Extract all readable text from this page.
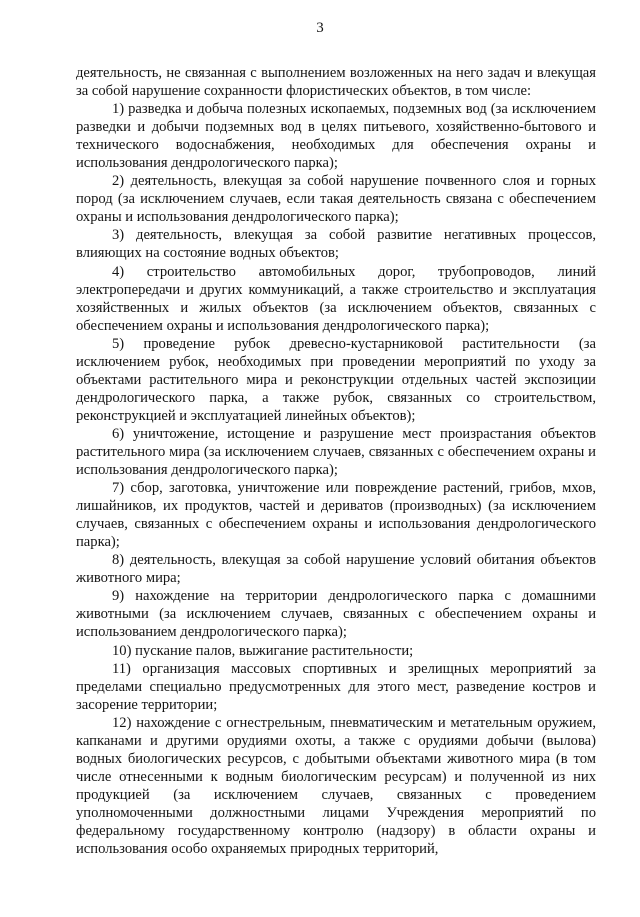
3

деятельность, не связанная с выполнением возложенных на него задач и влекущая за собой нарушение сохранности флористических объектов, в том числе:

1) разведка и добыча полезных ископаемых, подземных вод (за исключением разведки и добычи подземных вод в целях питьевого, хозяйственно-бытового и технического водоснабжения, необходимых для обеспечения охраны и использования дендрологического парка);

2) деятельность, влекущая за собой нарушение почвенного слоя и горных пород (за исключением случаев, если такая деятельность связана с обеспечением охраны и использования дендрологического парка);

3) деятельность, влекущая за собой развитие негативных процессов, влияющих на состояние водных объектов;

4) строительство автомобильных дорог, трубопроводов, линий электропередачи и других коммуникаций, а также строительство и эксплуатация хозяйственных и жилых объектов (за исключением объектов, связанных с обеспечением охраны и использования дендрологического парка);

5) проведение рубок древесно-кустарниковой растительности (за исключением рубок, необходимых при проведении мероприятий по уходу за объектами растительного мира и реконструкции отдельных частей экспозиции дендрологического парка, а также рубок, связанных со строительством, реконструкцией и эксплуатацией линейных объектов);

6) уничтожение, истощение и разрушение мест произрастания объектов растительного мира (за исключением случаев, связанных с обеспечением охраны и использования дендрологического парка);

7) сбор, заготовка, уничтожение или повреждение растений, грибов, мхов, лишайников, их продуктов, частей и дериватов (производных) (за исключением случаев, связанных с обеспечением охраны и использования дендрологического парка);

8) деятельность, влекущая за собой нарушение условий обитания объектов животного мира;

9) нахождение на территории дендрологического парка с домашними животными (за исключением случаев, связанных с обеспечением охраны и использованием дендрологического парка);

10) пускание палов, выжигание растительности;

11) организация массовых спортивных и зрелищных мероприятий за пределами специально предусмотренных для этого мест, разведение костров и засорение территории;

12) нахождение с огнестрельным, пневматическим и метательным оружием, капканами и другими орудиями охоты, а также с орудиями добычи (вылова) водных биологических ресурсов, с добытыми объектами животного мира (в том числе отнесенными к водным биологическим ресурсам) и полученной из них продукцией (за исключением случаев, связанных с проведением уполномоченными должностными лицами Учреждения мероприятий по федеральному государственному контролю (надзору) в области охраны и использования особо охраняемых природных территорий,
